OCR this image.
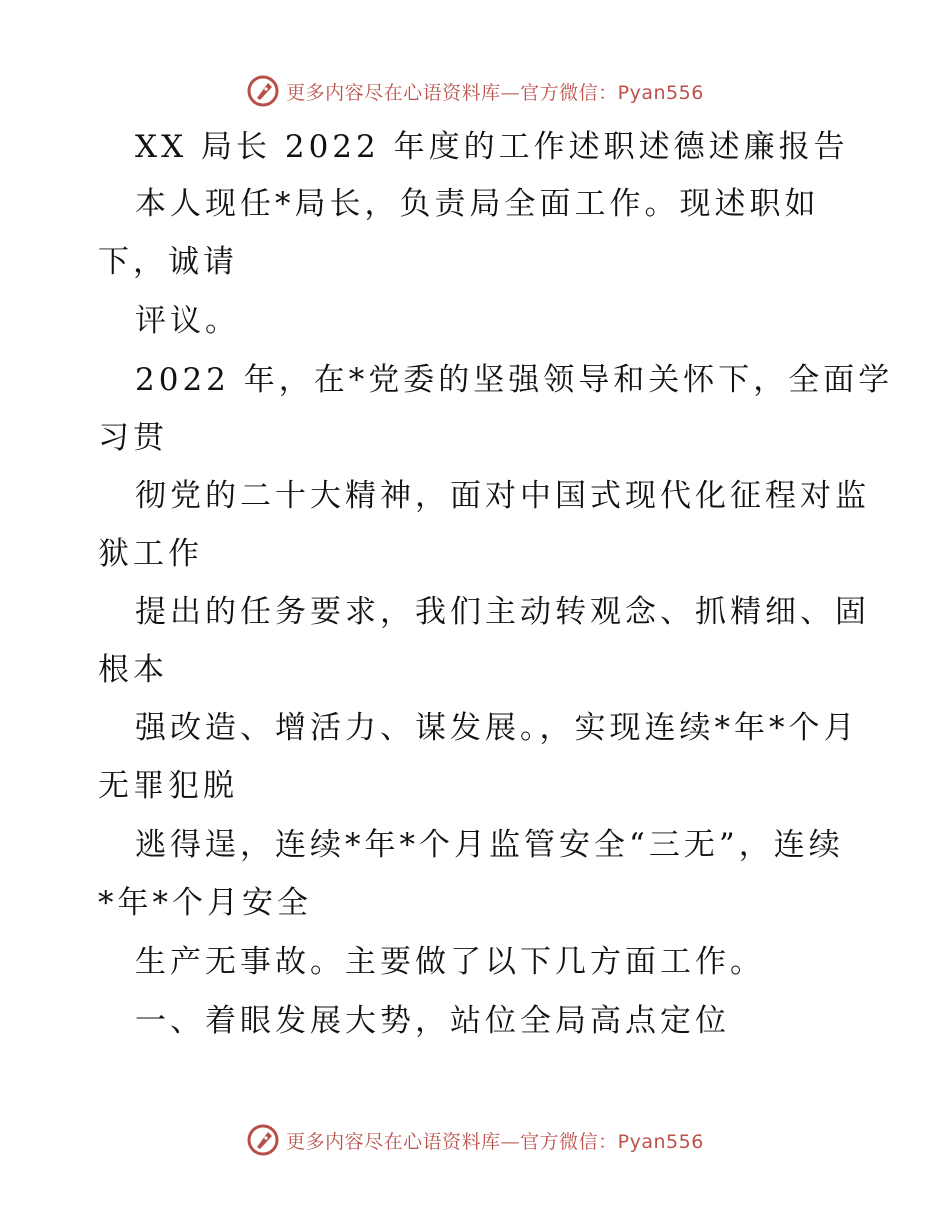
更多内容尽在心语资料库—官方微信：Pyan556
XX 局长 2022 年度的工作述职述德述廉报告
本人现任*局长，负责局全面工作。现述职如
下，诚请
评议。
2022 年，在*党委的坚强领导和关怀下，全面学
习贯
彻党的二十大精神，面对中国式现代化征程对监
狱工作
提出的任务要求，我们主动转观念、抓精细、固
根本
强改造、增活力、谋发展。，实现连续*年*个月
无罪犯脱
逃得逞，连续*年*个月监管安全“三无”，连续
*年*个月安全
生产无事故。主要做了以下几方面工作。
一、着眼发展大势，站位全局高点定位
更多内容尽在心语资料库—官方微信：Pyan556
